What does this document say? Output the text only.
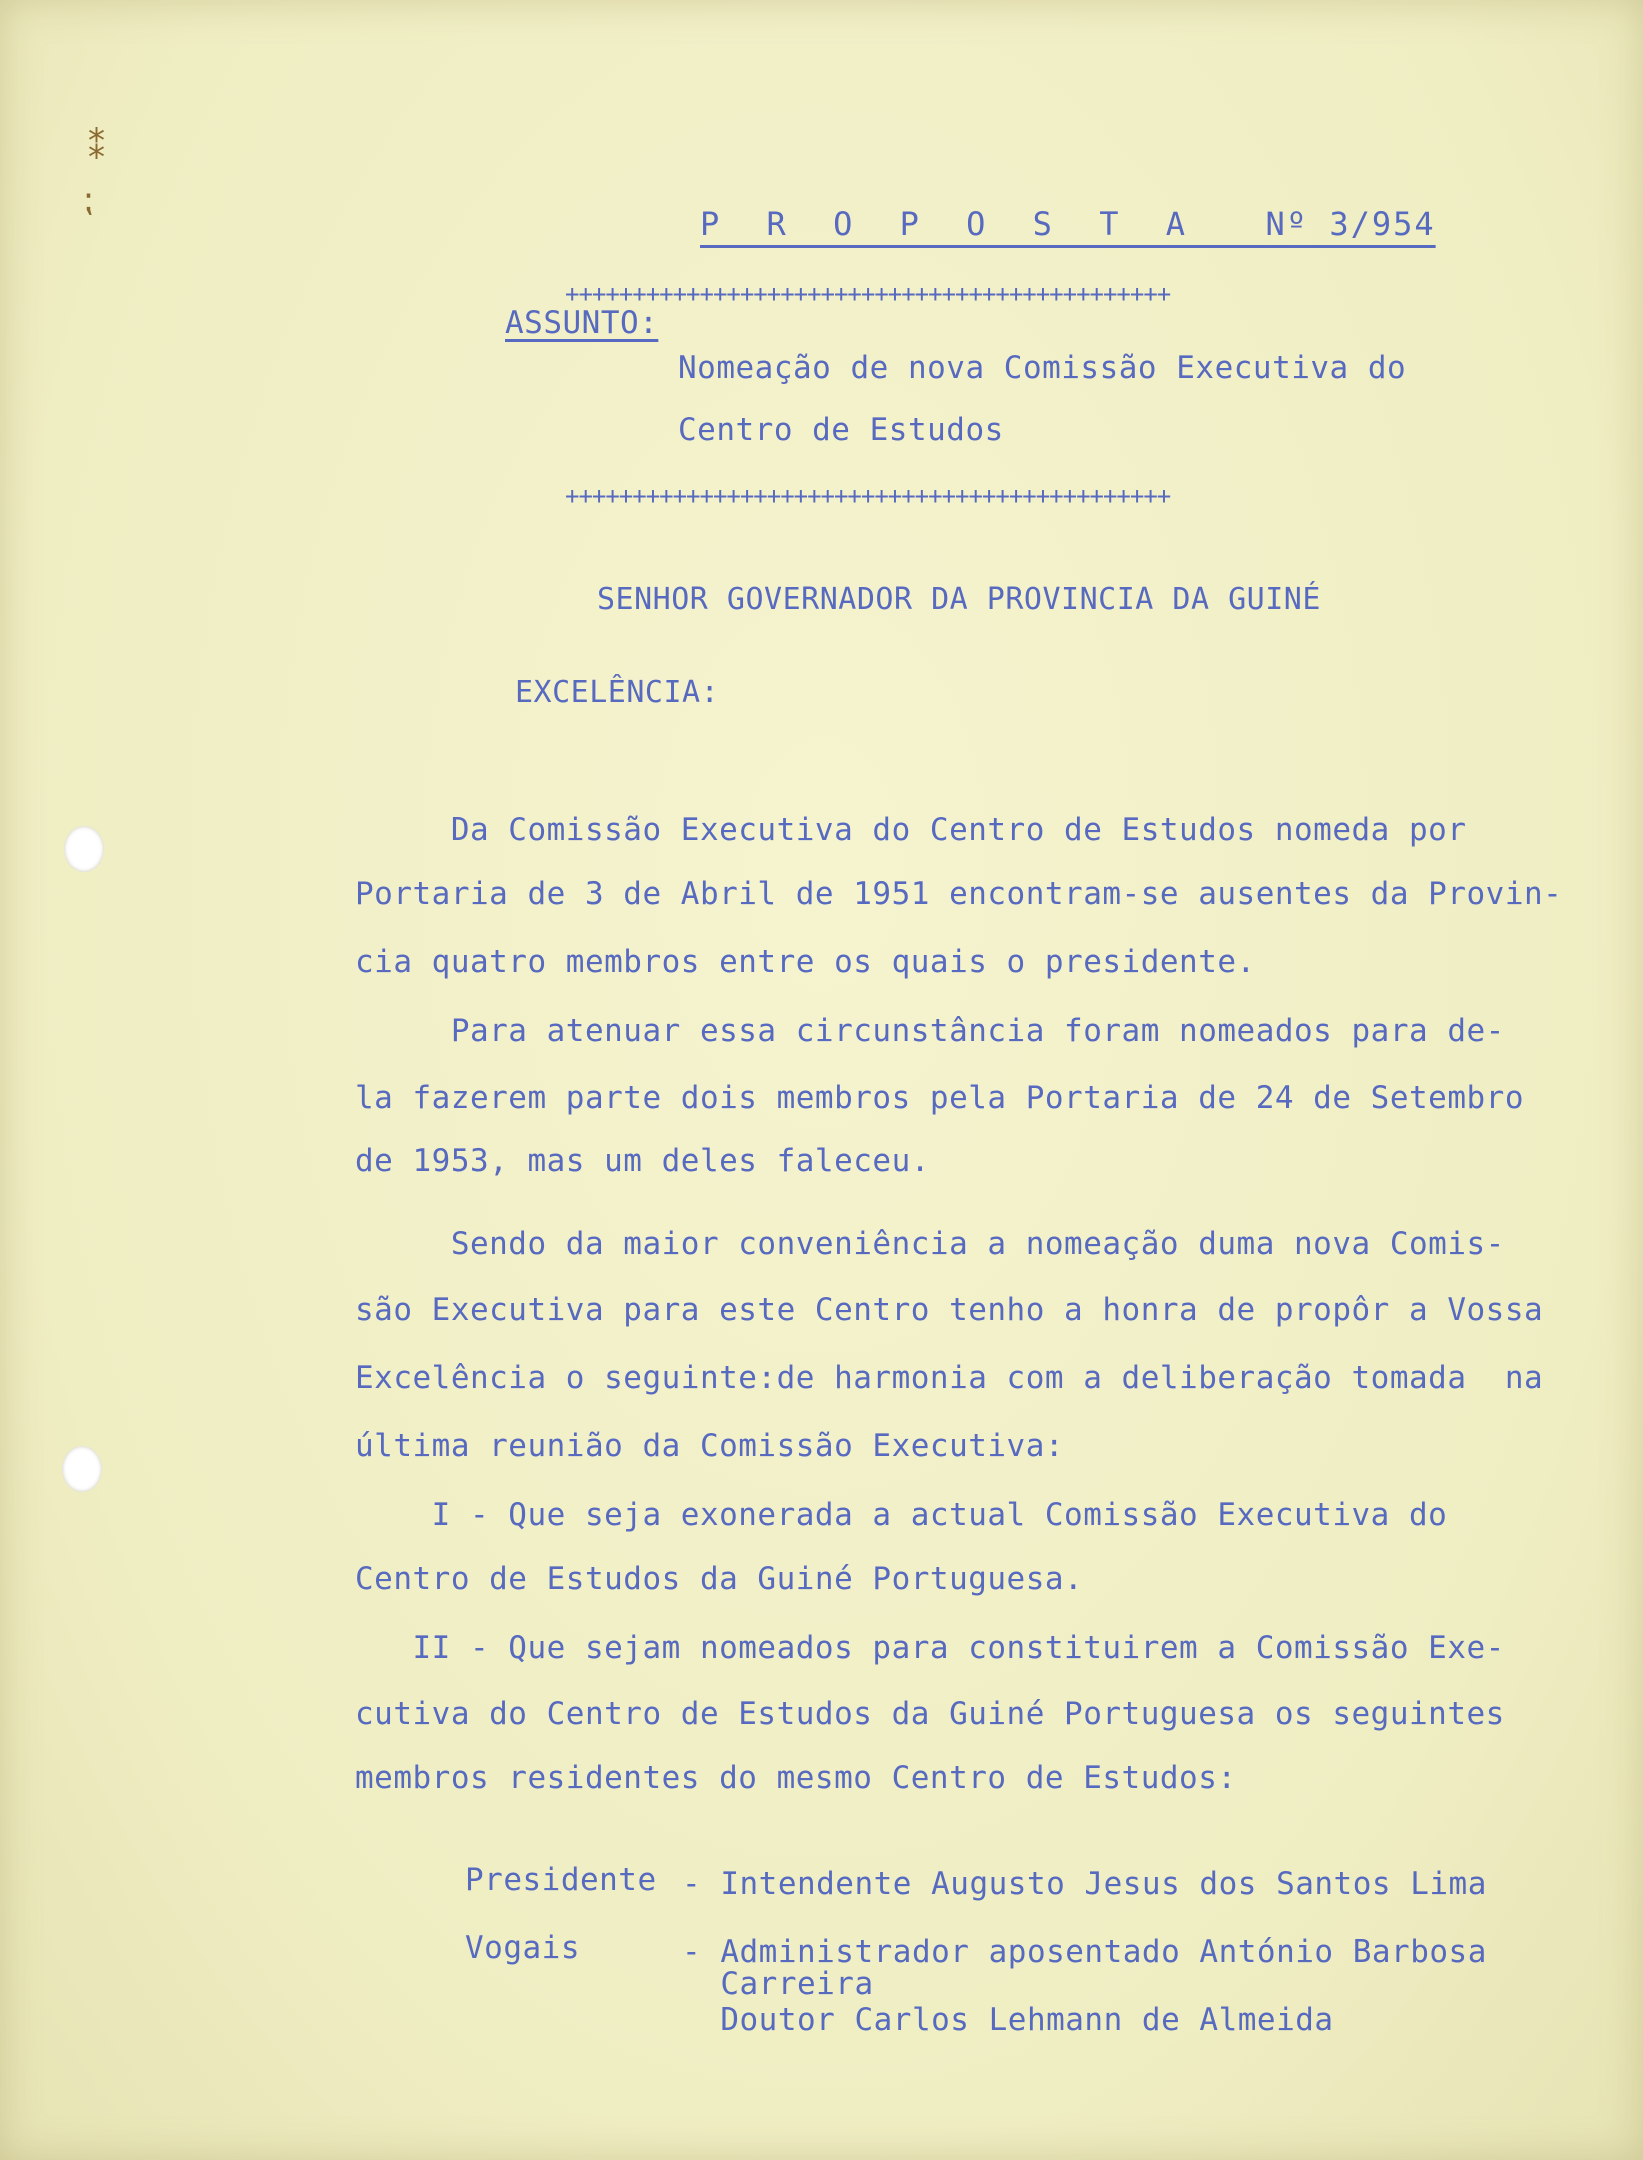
⁑
⁏
P R O P O S T A Nº 3/954
+++++++++++++++++++++++++++++++++++++++++++++
ASSUNTO:
Nomeação de nova Comissão Executiva do
Centro de Estudos
+++++++++++++++++++++++++++++++++++++++++++++
SENHOR GOVERNADOR DA PROVINCIA DA GUINÉ
EXCELÊNCIA:
Da Comissão Executiva do Centro de Estudos nomeda por
Portaria de 3 de Abril de 1951 encontram-se ausentes da Provin-
cia quatro membros entre os quais o presidente.
Para atenuar essa circunstância foram nomeados para de-
la fazerem parte dois membros pela Portaria de 24 de Setembro
de 1953, mas um deles faleceu.
Sendo da maior conveniência a nomeação duma nova Comis-
são Executiva para este Centro tenho a honra de propôr a Vossa
Excelência o seguinte:de harmonia com a deliberação tomada  na
última reunião da Comissão Executiva:
I - Que seja exonerada a actual Comissão Executiva do
Centro de Estudos da Guiné Portuguesa.
II - Que sejam nomeados para constituirem a Comissão Exe-
cutiva do Centro de Estudos da Guiné Portuguesa os seguintes
membros residentes do mesmo Centro de Estudos:
Presidente - Intendente Augusto Jesus dos Santos Lima
Vogais	- Administrador aposentado António Barbosa
Carreira
Doutor Carlos Lehmann de Almeida
